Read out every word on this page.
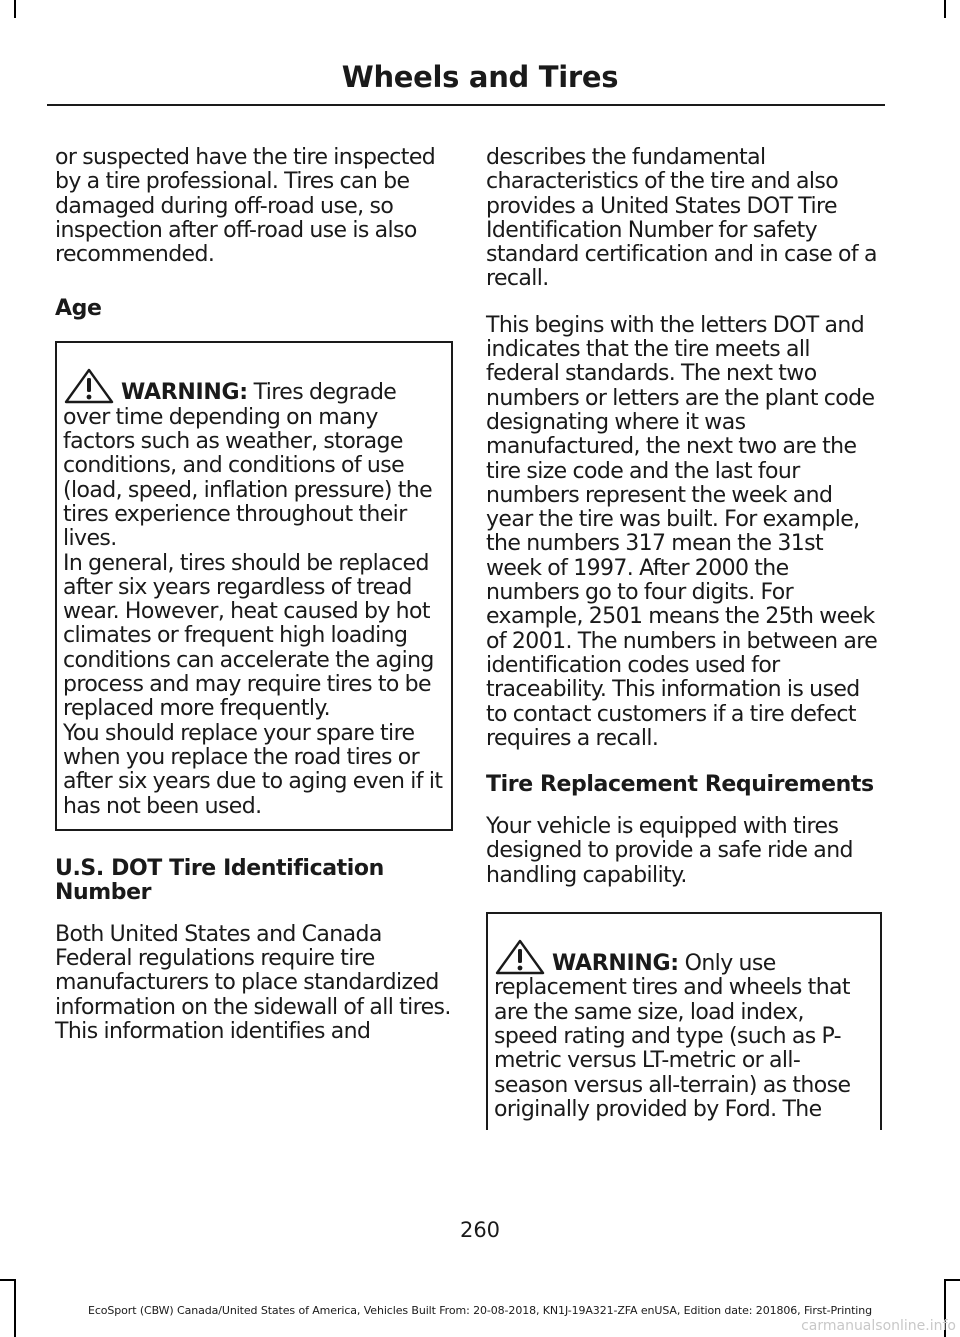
Wheels and Tires

or suspected have the tire inspected by a tire professional. Tires can be damaged during off-road use, so inspection after off-road use is also recommended.

Age

WARNING: Tires degrade over time depending on many factors such as weather, storage conditions, and conditions of use (load, speed, inflation pressure) the tires experience throughout their lives.

In general, tires should be replaced after six years regardless of tread wear. However, heat caused by hot climates or frequent high loading conditions can accelerate the aging process and may require tires to be replaced more frequently.

You should replace your spare tire when you replace the road tires or after six years due to aging even if it has not been used.

U.S. DOT Tire Identification Number

Both United States and Canada Federal regulations require tire manufacturers to place standardized information on the sidewall of all tires. This information identifies and

describes the fundamental characteristics of the tire and also provides a United States DOT Tire Identification Number for safety standard certification and in case of a recall.

This begins with the letters DOT and indicates that the tire meets all federal standards. The next two numbers or letters are the plant code designating where it was manufactured, the next two are the tire size code and the last four numbers represent the week and year the tire was built. For example, the numbers 317 mean the 31st week of 1997. After 2000 the numbers go to four digits. For example, 2501 means the 25th week of 2001. The numbers in between are identification codes used for traceability. This information is used to contact customers if a tire defect requires a recall.

Tire Replacement Requirements

Your vehicle is equipped with tires designed to provide a safe ride and handling capability.

WARNING: Only use replacement tires and wheels that are the same size, load index, speed rating and type (such as P-metric versus LT-metric or all-season versus all-terrain) as those originally provided by Ford. The

260
EcoSport (CBW) Canada/United States of America, Vehicles Built From: 20-08-2018, KN1J-19A321-ZFA enUSA, Edition date: 201806, First-Printing
carmanualsonline.info
